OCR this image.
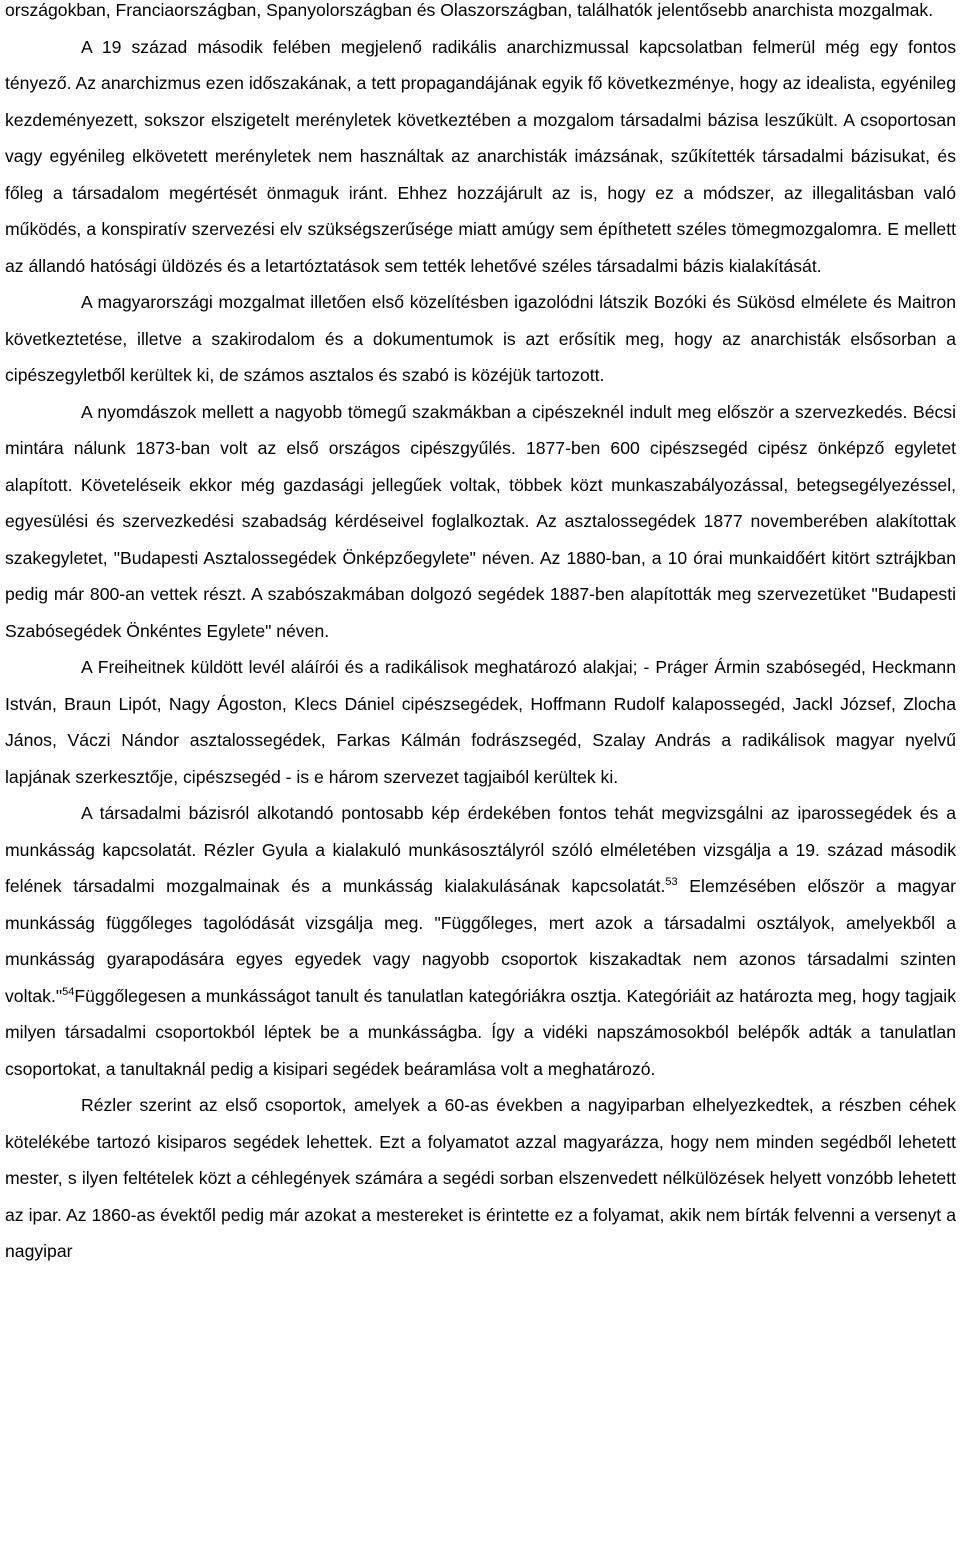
országokban, Franciaországban, Spanyolországban és Olaszországban, találhatók jelentősebb anarchista mozgalmak.

A 19 század második felében megjelenő radikális anarchizmussal kapcsolatban felmerül még egy fontos tényező. Az anarchizmus ezen időszakának, a tett propagandájának egyik fő következménye, hogy az idealista, egyénileg kezdeményezett, sokszor elszigetelt merényletek következtében a mozgalom társadalmi bázisa leszűkült. A csoportosan vagy egyénileg elkövetett merényletek nem használtak az anarchisták imázsának, szűkítették társadalmi bázisukat, és főleg a társadalom megértését önmaguk iránt. Ehhez hozzájárult az is, hogy ez a módszer, az illegalitásban való működés, a konspiratív szervezési elv szükségszerűsége miatt amúgy sem építhetett széles tömegmozgalomra. E mellett az állandó hatósági üldözés és a letartóztatások sem tették lehetővé széles társadalmi bázis kialakítását.

A magyarországi mozgalmat illetően első közelítésben igazolódni látszik Bozóki és Sükösd elmélete és Maitron következtetése, illetve a szakirodalom és a dokumentumok is azt erősítik meg, hogy az anarchisták elsősorban a cipészegyletből kerültek ki, de számos asztalos és szabó is közéjük tartozott.

A nyomdászok mellett a nagyobb tömegű szakmákban a cipészeknél indult meg először a szervezkedés. Bécsi mintára nálunk 1873-ban volt az első országos cipészgyűlés. 1877-ben 600 cipészsegéd cipész önképző egyletet alapított. Követeléseik ekkor még gazdasági jellegűek voltak, többek közt munkaszabályozással, betegsegélyezéssel, egyesülési és szervezkedési szabadság kérdéseivel foglalkoztak. Az asztalossegédek 1877 novemberében alakítottak szakegyletet, "Budapesti Asztalossegédek Önképzőegylete" néven. Az 1880-ban, a 10 órai munkaidőért kitört sztrájkban pedig már 800-an vettek részt. A szabószakmában dolgozó segédek 1887-ben alapították meg szervezetüket "Budapesti Szabósegédek Önkéntes Egylete" néven.

A Freiheitnek küldött levél aláírói és a radikálisok meghatározó alakjai; - Práger Ármin szabósegéd, Heckmann István, Braun Lipót, Nagy Ágoston, Klecs Dániel cipészsegédek, Hoffmann Rudolf kalapossegéd, Jackl József, Zlocha János, Váczi Nándor asztalossegédek, Farkas Kálmán fodrászsegéd, Szalay András a radikálisok magyar nyelvű lapjának szerkesztője, cipészsegéd - is e három szervezet tagjaiból kerültek ki.

A társadalmi bázisról alkotandó pontosabb kép érdekében fontos tehát megvizsgálni az iparossegédek és a munkásság kapcsolatát. Rézler Gyula a kialakuló munkásosztályról szóló elméletében vizsgálja a 19. század második felének társadalmi mozgalmainak és a munkásság kialakulásának kapcsolatát.$^{53}$ Elemzésében először a magyar munkásság függőleges tagolódását vizsgálja meg. "Függőleges, mert azok a társadalmi osztályok, amelyekből a munkásság gyarapodására egyes egyedek vagy nagyobb csoportok kiszakadtak nem azonos társadalmi szinten voltak."$^{54}$Függőlegesen a munkásságot tanult és tanulatlan kategóriákra osztja. Kategóriáit az határozta meg, hogy tagjaik milyen társadalmi csoportokból léptek be a munkásságba. Így a vidéki napszámosokból belépők adták a tanulatlan csoportokat, a tanultaknál pedig a kisipari segédek beáramlása volt a meghatározó.

Rézler szerint az első csoportok, amelyek a 60-as években a nagyiparban elhelyezkedtek, a részben céhek kötelékébe tartozó kisiparos segédek lehettek. Ezt a folyamatot azzal magyarázza, hogy nem minden segédből lehetett mester, s ilyen feltételek közt a céhlegények számára a segédi sorban elszenvedett nélkülözések helyett vonzóbb lehetett az ipar. Az 1860-as évektől pedig már azokat a mestereket is érintette ez a folyamat, akik nem bírták felvenni a versenyt a nagyipar
